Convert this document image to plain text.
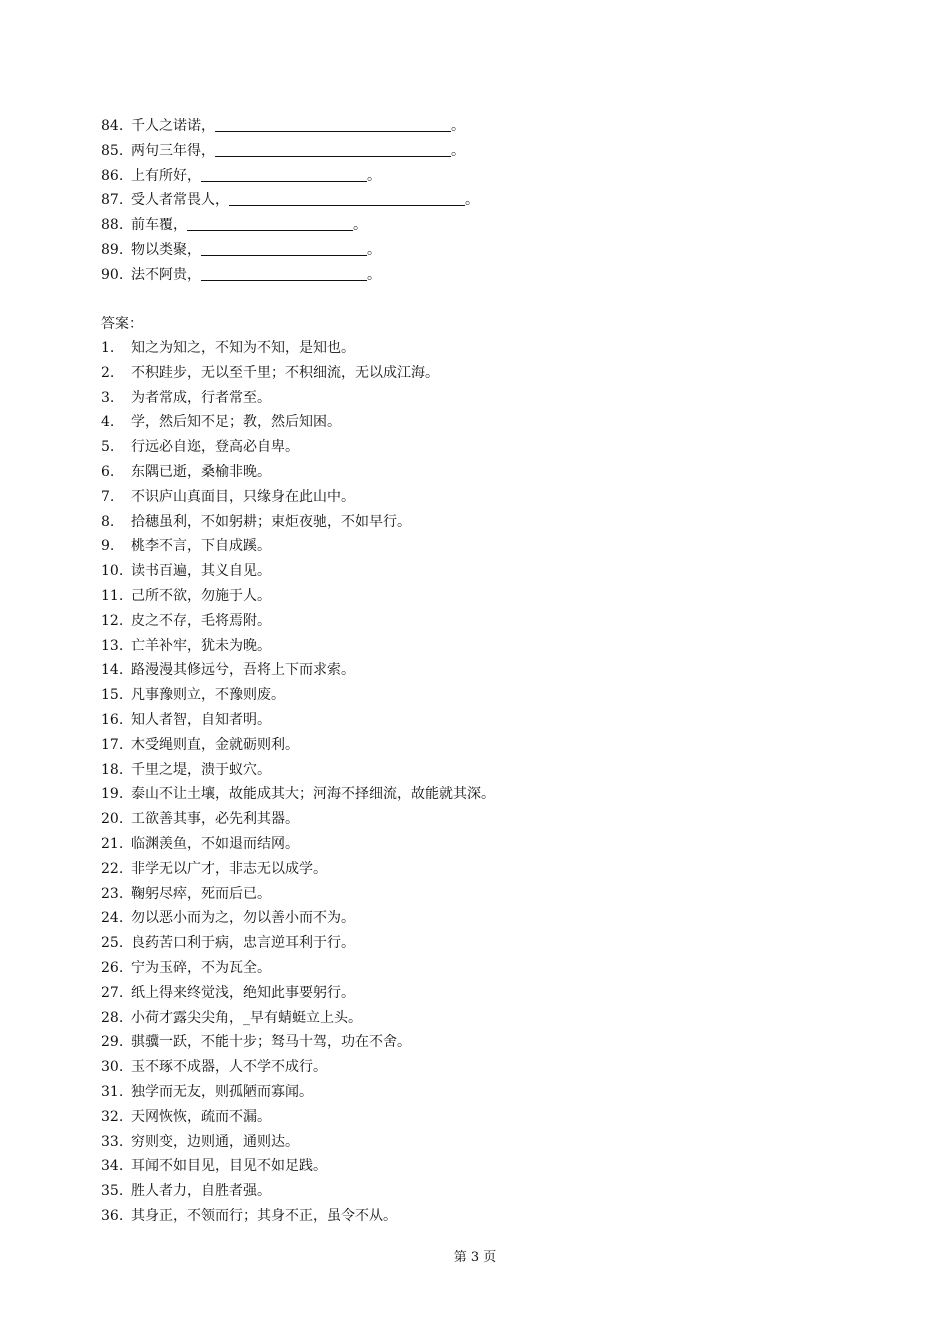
84. 千人之诺诺，	。
85. 两句三年得，	。
86. 上有所好，	。
87. 受人者常畏人，	。
88. 前车覆，	。
89. 物以类聚，	。
90. 法不阿贵，	。
答案：
1. 知之为知之，不知为不知，是知也。
2. 不积跬步，无以至千里；不积细流，无以成江海。
3. 为者常成，行者常至。
4. 学，然后知不足；教，然后知困。
5. 行远必自迩，登高必自卑。
6. 东隅已逝，桑榆非晚。
7. 不识庐山真面目，只缘身在此山中。
8. 拾穗虽利，不如躬耕；束炬夜驰，不如早行。
9. 桃李不言，下自成蹊。
10. 读书百遍，其义自见。
11. 己所不欲，勿施于人。
12. 皮之不存，毛将焉附。
13. 亡羊补牢，犹未为晚。
14. 路漫漫其修远兮，吾将上下而求索。
15. 凡事豫则立，不豫则废。
16. 知人者智，自知者明。
17. 木受绳则直，金就砺则利。
18. 千里之堤，溃于蚁穴。
19. 泰山不让土壤，故能成其大；河海不择细流，故能就其深。
20. 工欲善其事，必先利其器。
21. 临渊羡鱼，不如退而结网。
22. 非学无以广才，非志无以成学。
23. 鞠躬尽瘁，死而后已。
24. 勿以恶小而为之，勿以善小而不为。
25. 良药苦口利于病，忠言逆耳利于行。
26. 宁为玉碎，不为瓦全。
27. 纸上得来终觉浅，绝知此事要躬行。
28. 小荷才露尖尖角，_早有蜻蜓立上头。
29. 骐骥一跃，不能十步；驽马十驾，功在不舍。
30. 玉不琢不成器，人不学不成行。
31. 独学而无友，则孤陋而寡闻。
32. 天网恢恢，疏而不漏。
33. 穷则变，边则通，通则达。
34. 耳闻不如目见，目见不如足践。
35. 胜人者力，自胜者强。
36. 其身正，不领而行；其身不正，虽令不从。
第 3 页
